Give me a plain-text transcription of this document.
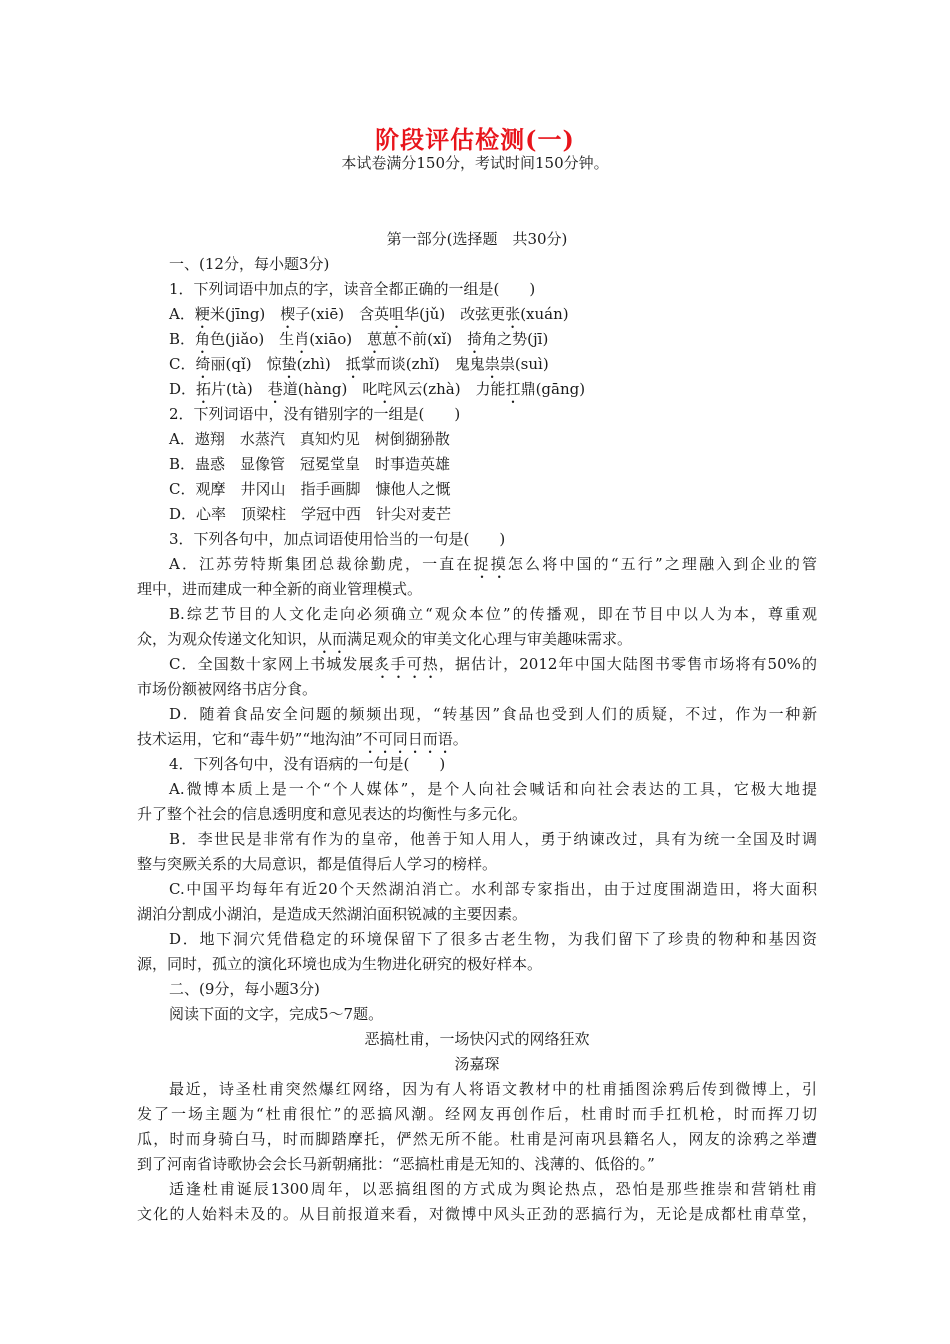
阶段评估检测(一)
本试卷满分150分，考试时间150分钟。
第一部分(选择题　共30分)
一、(12分，每小题3分)
1．下列词语中加点的字，读音全都正确的一组是(　　)
A．粳米(jīng)　楔子(xiē)　含英咀华(jǔ)　改弦更张(xuán)
B．角色(jiǎo)　生肖(xiāo)　葸葸不前(xǐ)　掎角之势(jī)
C．绮丽(qǐ)　惊蛰(zhì)　抵掌而谈(zhǐ)　鬼鬼祟祟(suì)
D．拓片(tà)　巷道(hàng)　叱咤风云(zhà)　力能扛鼎(gāng)
2．下列词语中，没有错别字的一组是(　　)
A．遨翔　水蒸汽　真知灼见　树倒猢狲散
B．蛊惑　显像管　冠冕堂皇　时事造英雄
C．观摩　井冈山　指手画脚　慷他人之慨
D．心率　顶梁柱　学冠中西　针尖对麦芒
3．下列各句中，加点词语使用恰当的一句是(　　)
A．江苏劳特斯集团总裁徐勤虎，一直在捉摸怎么将中国的“五行”之理融入到企业的管
理中，进而建成一种全新的商业管理模式。
B.综艺节目的人文化走向必须确立“观众本位”的传播观，即在节目中以人为本，尊重观
众，为观众传递文化知识，从而满足观众的审美文化心理与审美趣味需求。
C．全国数十家网上书城发展炙手可热，据估计，2012年中国大陆图书零售市场将有50%的
市场份额被网络书店分食。
D．随着食品安全问题的频频出现，“转基因”食品也受到人们的质疑，不过，作为一种新
技术运用，它和“毒牛奶”“地沟油”不可同日而语。
4．下列各句中，没有语病的一句是(　　)
A.微博本质上是一个“个人媒体”，是个人向社会喊话和向社会表达的工具，它极大地提
升了整个社会的信息透明度和意见表达的均衡性与多元化。
B．李世民是非常有作为的皇帝，他善于知人用人，勇于纳谏改过，具有为统一全国及时调
整与突厥关系的大局意识，都是值得后人学习的榜样。
C.中国平均每年有近20个天然湖泊消亡。水利部专家指出，由于过度围湖造田，将大面积
湖泊分割成小湖泊，是造成天然湖泊面积锐减的主要因素。
D．地下洞穴凭借稳定的环境保留下了很多古老生物，为我们留下了珍贵的物种和基因资
源，同时，孤立的演化环境也成为生物进化研究的极好样本。
二、(9分，每小题3分)
阅读下面的文字，完成5～7题。
恶搞杜甫，一场快闪式的网络狂欢
汤嘉琛
最近，诗圣杜甫突然爆红网络，因为有人将语文教材中的杜甫插图涂鸦后传到微博上，引
发了一场主题为“杜甫很忙”的恶搞风潮。经网友再创作后，杜甫时而手扛机枪，时而挥刀切
瓜，时而身骑白马，时而脚踏摩托，俨然无所不能。杜甫是河南巩县籍名人，网友的涂鸦之举遭
到了河南省诗歌协会会长马新朝痛批：“恶搞杜甫是无知的、浅薄的、低俗的。”
适逢杜甫诞辰1300周年，以恶搞组图的方式成为舆论热点，恐怕是那些推崇和营销杜甫
文化的人始料未及的。从目前报道来看，对微博中风头正劲的恶搞行为，无论是成都杜甫草堂，
